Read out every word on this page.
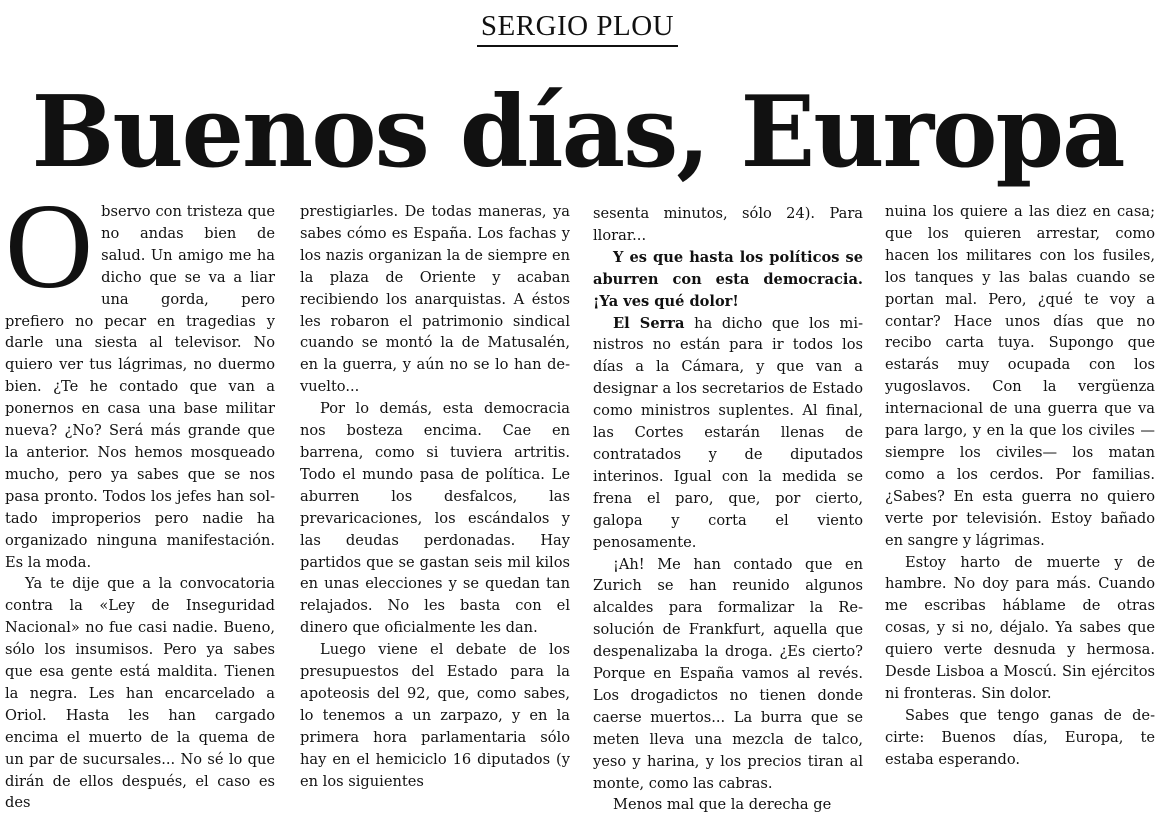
SERGIO PLOU
Buenos días, Europa

Observo con tristeza que no andas bien de salud. Un amigo me ha dicho que se va a liar una gorda, pero prefiero no pecar en tragedias y darle una siesta al televisor. No quiero ver tus lágrimas, no duermo bien. ¿Te he contado que van a ponernos en casa una base militar nueva? ¿No? Será más grande que la anterior. Nos hemos mosqueado mucho, pero ya sabes que se nos pasa pronto. Todos los jefes han soltado improperios pero nadie ha organizado ninguna manifestación. Es la moda.

Ya te dije que a la convocatoria contra la «Ley de Inseguridad Nacional» no fue casi nadie. Bueno, sólo los insumisos. Pero ya sabes que esa gente está maldita. Tienen la negra. Les han encarcelado a Oriol. Hasta les han cargado encima el muerto de la quema de un par de sucursales... No sé lo que dirán de ellos después, el caso es des

prestigiarles. De todas maneras, ya sabes cómo es España. Los fachas y los nazis organizan la de siempre en la plaza de Oriente y acaban recibiendo los anarquistas. A éstos les robaron el patrimonio sindical cuando se montó la de Matusalén, en la guerra, y aún no se lo han devuelto...

Por lo demás, esta democracia nos bosteza encima. Cae en barrena, como si tuviera artritis. Todo el mundo pasa de política. Le aburren los desfalcos, las prevaricaciones, los escándalos y las deudas perdonadas. Hay partidos que se gastan seis mil kilos en unas elecciones y se quedan tan relajados. No les basta con el dinero que oficialmente les dan.

Luego viene el debate de los presupuestos del Estado para la apoteosis del 92, que, como sabes, lo tenemos a un zarpazo, y en la primera hora parlamentaria sólo hay en el hemiciclo 16 diputados (y en los siguientes

sesenta minutos, sólo 24). Para llorar...

Y es que hasta los políticos se aburren con esta democracia. ¡Ya ves qué dolor!

El Serra ha dicho que los ministros no están para ir todos los días a la Cámara, y que van a designar a los secretarios de Estado como ministros suplentes. Al final, las Cortes estarán llenas de contratados y de diputados interinos. Igual con la medida se frena el paro, que, por cierto, galopa y corta el viento penosamente.

¡Ah! Me han contado que en Zurich se han reunido algunos alcaldes para formalizar la Resolución de Frankfurt, aquella que despenalizaba la droga. ¿Es cierto? Porque en España vamos al revés. Los drogadictos no tienen donde caerse muertos... La burra que se meten lleva una mezcla de talco, yeso y harina, y los precios tiran al monte, como las cabras.

Menos mal que la derecha ge

nuina los quiere a las diez en casa; que los quieren arrestar, como hacen los militares con los fusiles, los tanques y las balas cuando se portan mal. Pero, ¿qué te voy a contar? Hace unos días que no recibo carta tuya. Supongo que estarás muy ocupada con los yugoslavos. Con la vergüenza internacional de una guerra que va para largo, y en la que los civiles —siempre los civiles— los matan como a los cerdos. Por familias. ¿Sabes? En esta guerra no quiero verte por televisión. Estoy bañado en sangre y lágrimas.

Estoy harto de muerte y de hambre. No doy para más. Cuando me escribas háblame de otras cosas, y si no, déjalo. Ya sabes que quiero verte desnuda y hermosa. Desde Lisboa a Moscú. Sin ejércitos ni fronteras. Sin dolor.

Sabes que tengo ganas de decirte: Buenos días, Europa, te estaba esperando.
